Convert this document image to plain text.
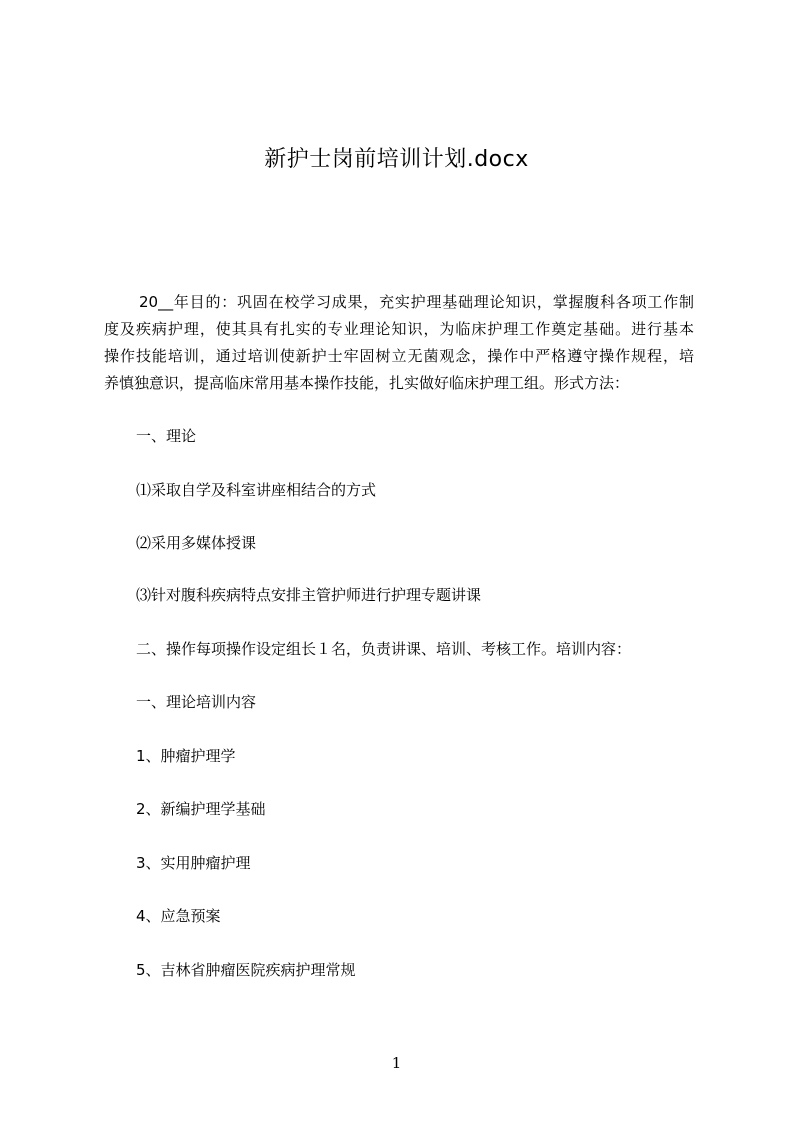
新护士岗前培训计划.docx
20__年目的：巩固在校学习成果，充实护理基础理论知识，掌握腹科各项工作制
度及疾病护理，使其具有扎实的专业理论知识，为临床护理工作奠定基础。进行基本
操作技能培训，通过培训使新护士牢固树立无菌观念，操作中严格遵守操作规程，培
养慎独意识，提高临床常用基本操作技能，扎实做好临床护理工组。形式方法：
一、理论
⑴采取自学及科室讲座相结合的方式
⑵采用多媒体授课
⑶针对腹科疾病特点安排主管护师进行护理专题讲课
二、操作每项操作设定组长１名，负责讲课、培训、考核工作。培训内容：
一、理论培训内容
1、肿瘤护理学
2、新编护理学基础
3、实用肿瘤护理
4、应急预案
5、吉林省肿瘤医院疾病护理常规
1
